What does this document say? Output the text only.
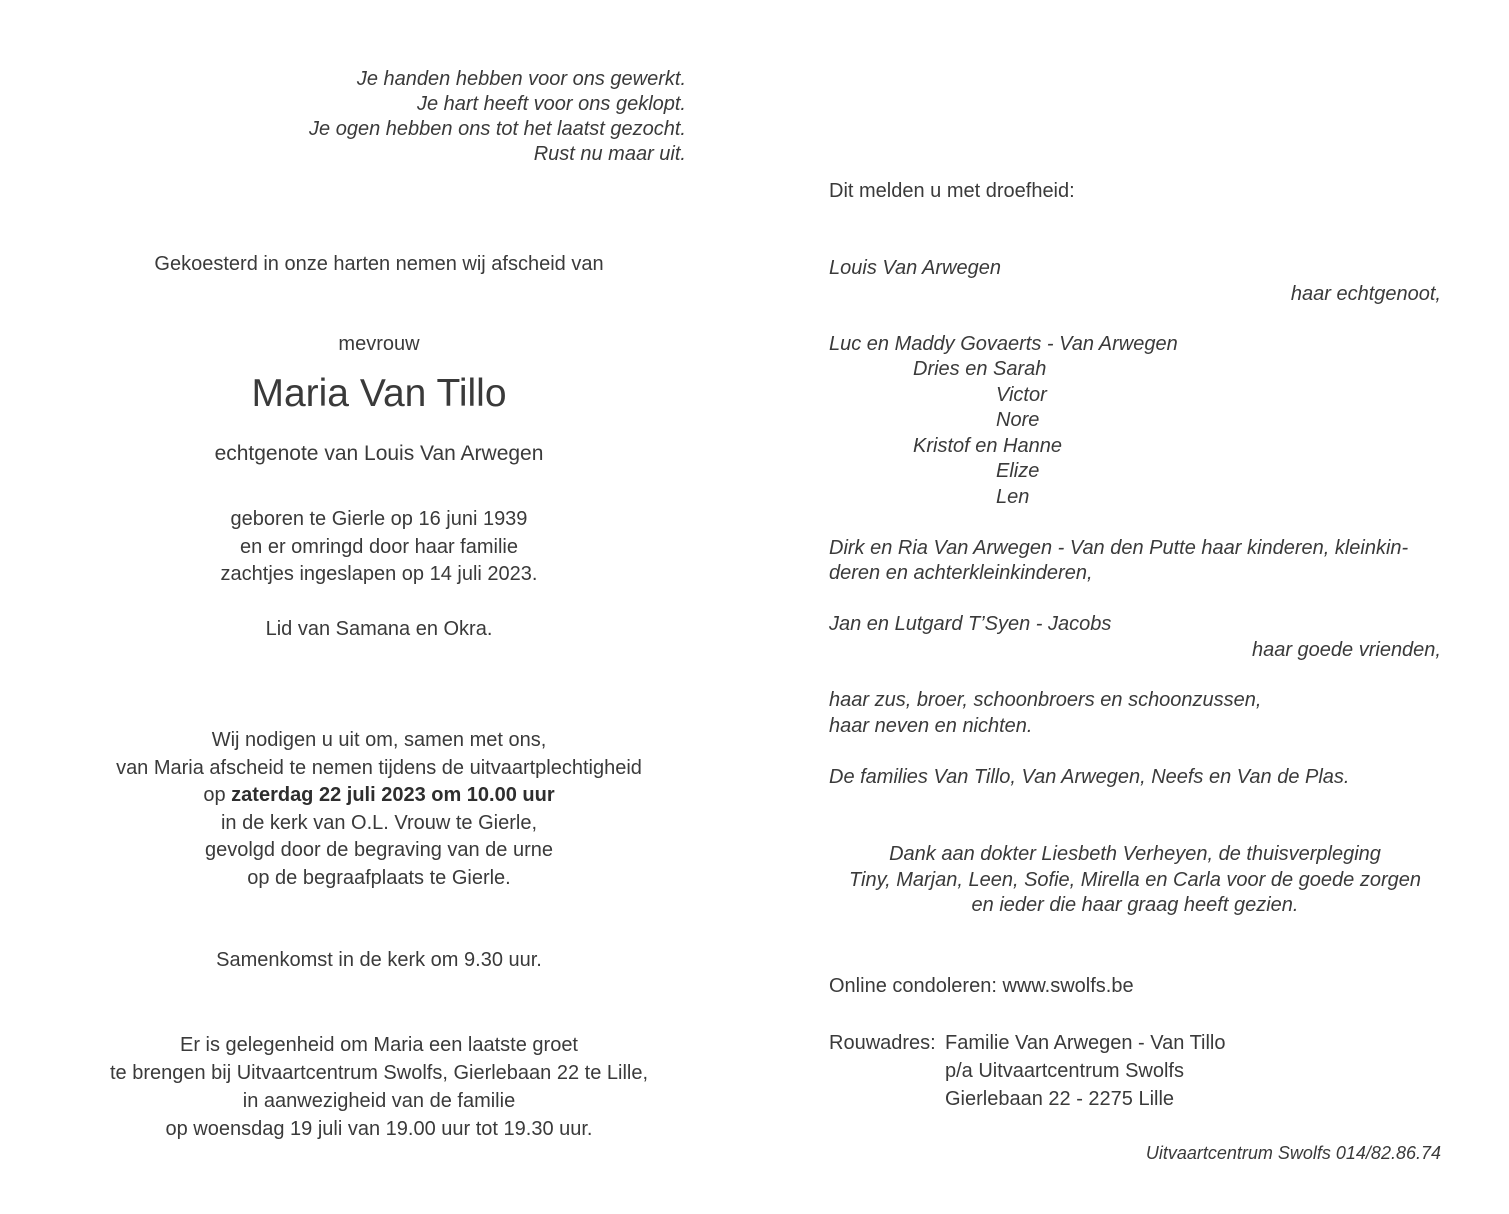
Je handen hebben voor ons gewerkt.
Je hart heeft voor ons geklopt.
Je ogen hebben ons tot het laatst gezocht.
Rust nu maar uit.
Gekoesterd in onze harten nemen wij afscheid van
mevrouw
Maria Van Tillo
echtgenote van Louis Van Arwegen
geboren te Gierle op 16 juni 1939
en er omringd door haar familie
zachtjes ingeslapen op 14 juli 2023.
Lid van Samana en Okra.
Wij nodigen u uit om, samen met ons,
van Maria afscheid te nemen tijdens de uitvaartplechtigheid
op zaterdag 22 juli 2023 om 10.00 uur
in de kerk van O.L. Vrouw te Gierle,
gevolgd door de begraving van de urne
op de begraafplaats te Gierle.
Samenkomst in de kerk om 9.30 uur.
Er is gelegenheid om Maria een laatste groet
te brengen bij Uitvaartcentrum Swolfs, Gierlebaan 22 te Lille,
in aanwezigheid van de familie
op woensdag 19 juli van 19.00 uur tot 19.30 uur.
Dit melden u met droefheid:
Louis Van Arwegen
haar echtgenoot,
Luc en Maddy Govaerts - Van Arwegen
Dries en Sarah
Victor
Nore
Kristof en Hanne
Elize
Len
Dirk en Ria Van Arwegen - Van den Putte haar kinderen, kleinkin-
deren en achterkleinkinderen,
Jan en Lutgard T’Syen - Jacobs
haar goede vrienden,
haar zus, broer, schoonbroers en schoonzussen,
haar neven en nichten.
De families Van Tillo, Van Arwegen, Neefs en Van de Plas.
Dank aan dokter Liesbeth Verheyen, de thuisverpleging
Tiny, Marjan, Leen, Sofie, Mirella en Carla voor de goede zorgen
en ieder die haar graag heeft gezien.
Online condoleren: www.swolfs.be
Rouwadres: Familie Van Arwegen - Van Tillo
p/a Uitvaartcentrum Swolfs
Gierlebaan 22 - 2275 Lille
Uitvaartcentrum Swolfs 014/82.86.74
